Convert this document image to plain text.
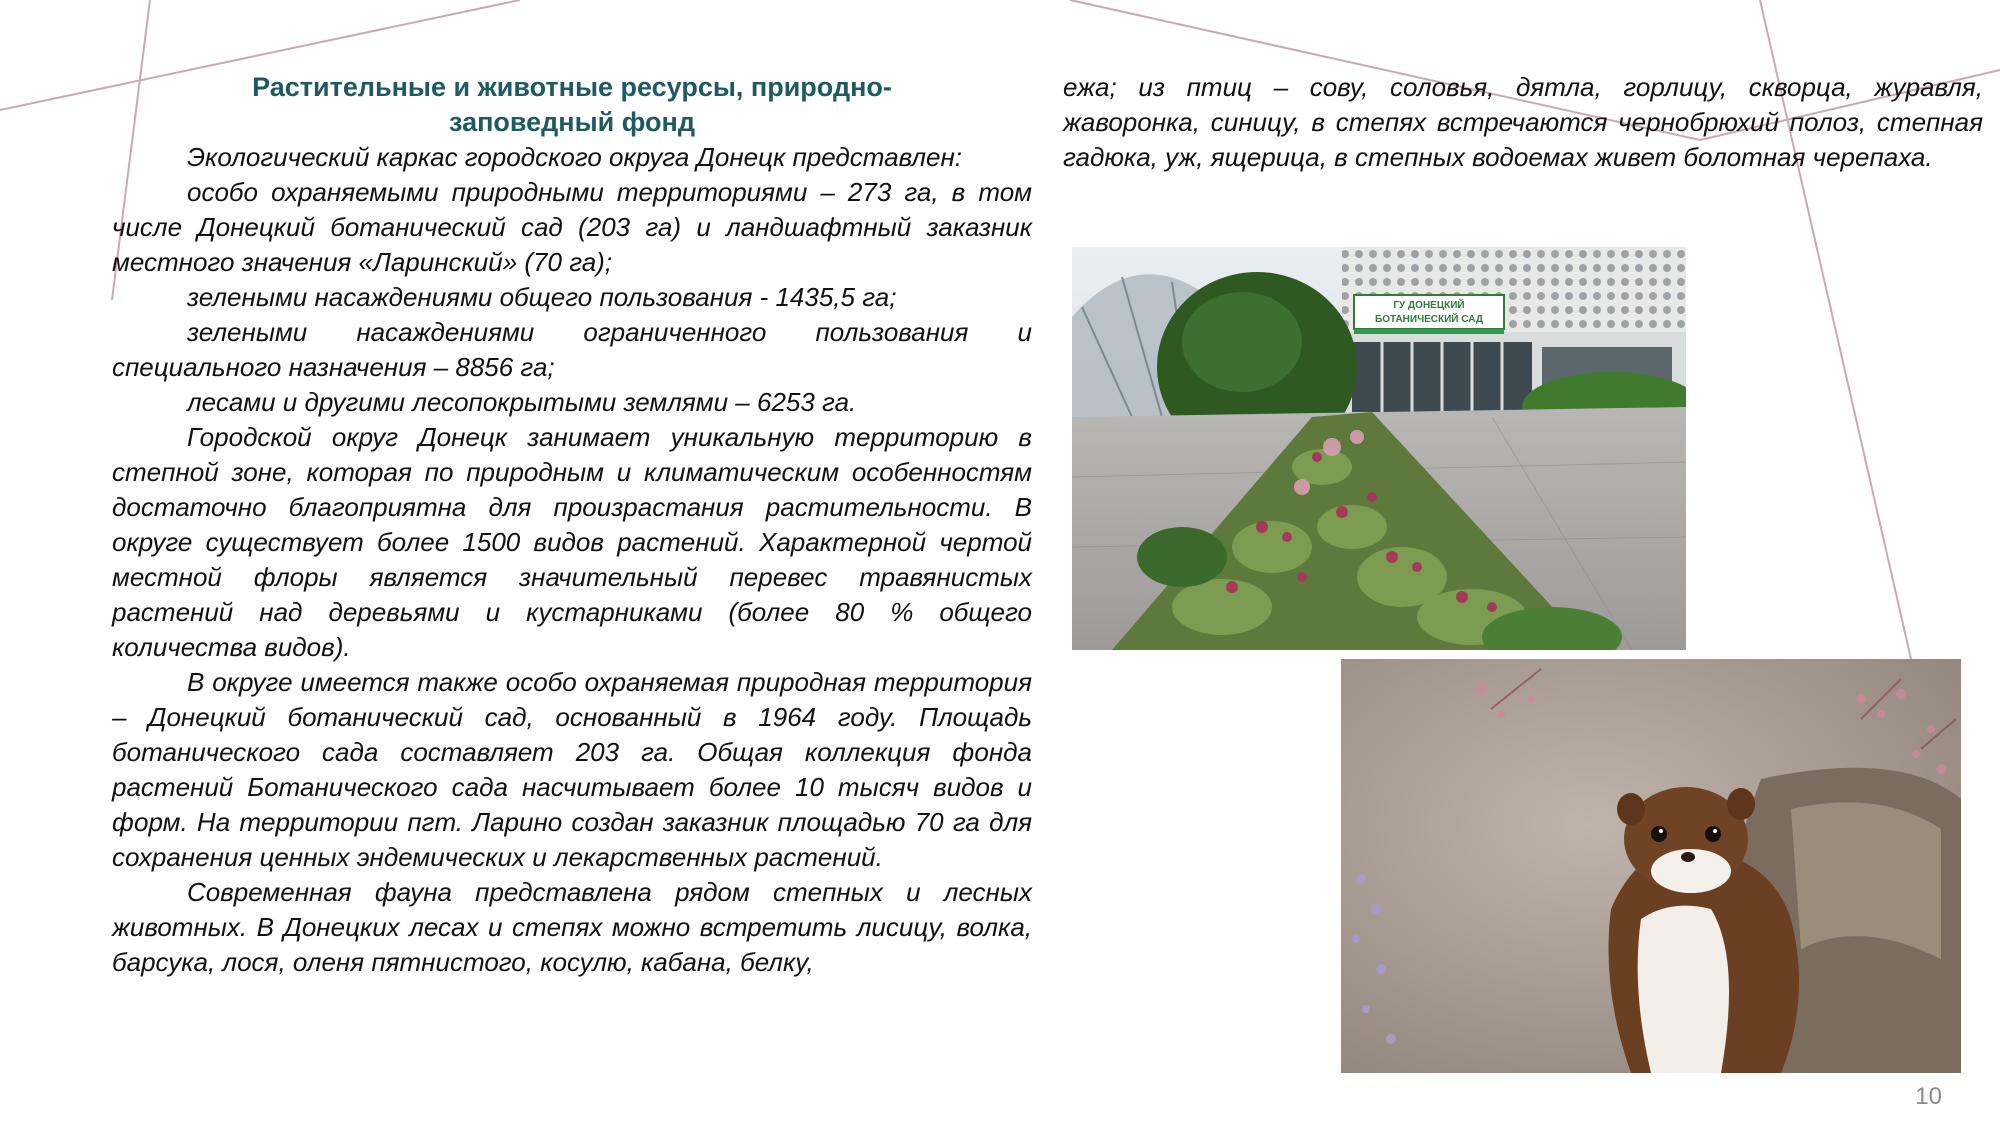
Растительные и животные ресурсы, природно-
заповедный фонд

Экологический каркас городского округа Донецк представлен:

особо охраняемыми природными территориями – 273 га, в том числе Донецкий ботанический сад (203 га) и ландшафтный заказник местного значения «Ларинский» (70 га);

зелеными насаждениями общего пользования - 1435,5 га;

зелеными насаждениями ограниченного пользования и специального назначения – 8856 га;

лесами и другими лесопокрытыми землями – 6253 га.

Городской округ Донецк занимает уникальную территорию в степной зоне, которая по природным и климатическим особенностям достаточно благоприятна для произрастания растительности. В округе существует более 1500 видов растений. Характерной чертой местной флоры является значительный перевес травянистых растений над деревьями и кустарниками (более 80 % общего количества видов).

В округе имеется также особо охраняемая природная территория – Донецкий ботанический сад, основанный в 1964 году. Площадь ботанического сада составляет 203 га. Общая коллекция фонда растений Ботанического сада насчитывает более 10 тысяч видов и форм. На территории пгт. Ларино создан заказник площадью 70 га для сохранения ценных эндемических и лекарственных растений.

Современная фауна представлена рядом степных и лесных животных. В Донецких лесах и степях можно встретить лисицу, волка, барсука, лося, оленя пятнистого, косулю, кабана, белку,

ежа; из птиц – сову, соловья, дятла, горлицу, скворца, журавля, жаворонка, синицу, в степях встречаются чернобрюхий полоз, степная гадюка, уж, ящерица, в степных водоемах живет болотная черепаха.

ГУ ДОНЕЦКИЙ
БОТАНИЧЕСКИЙ САД
10
